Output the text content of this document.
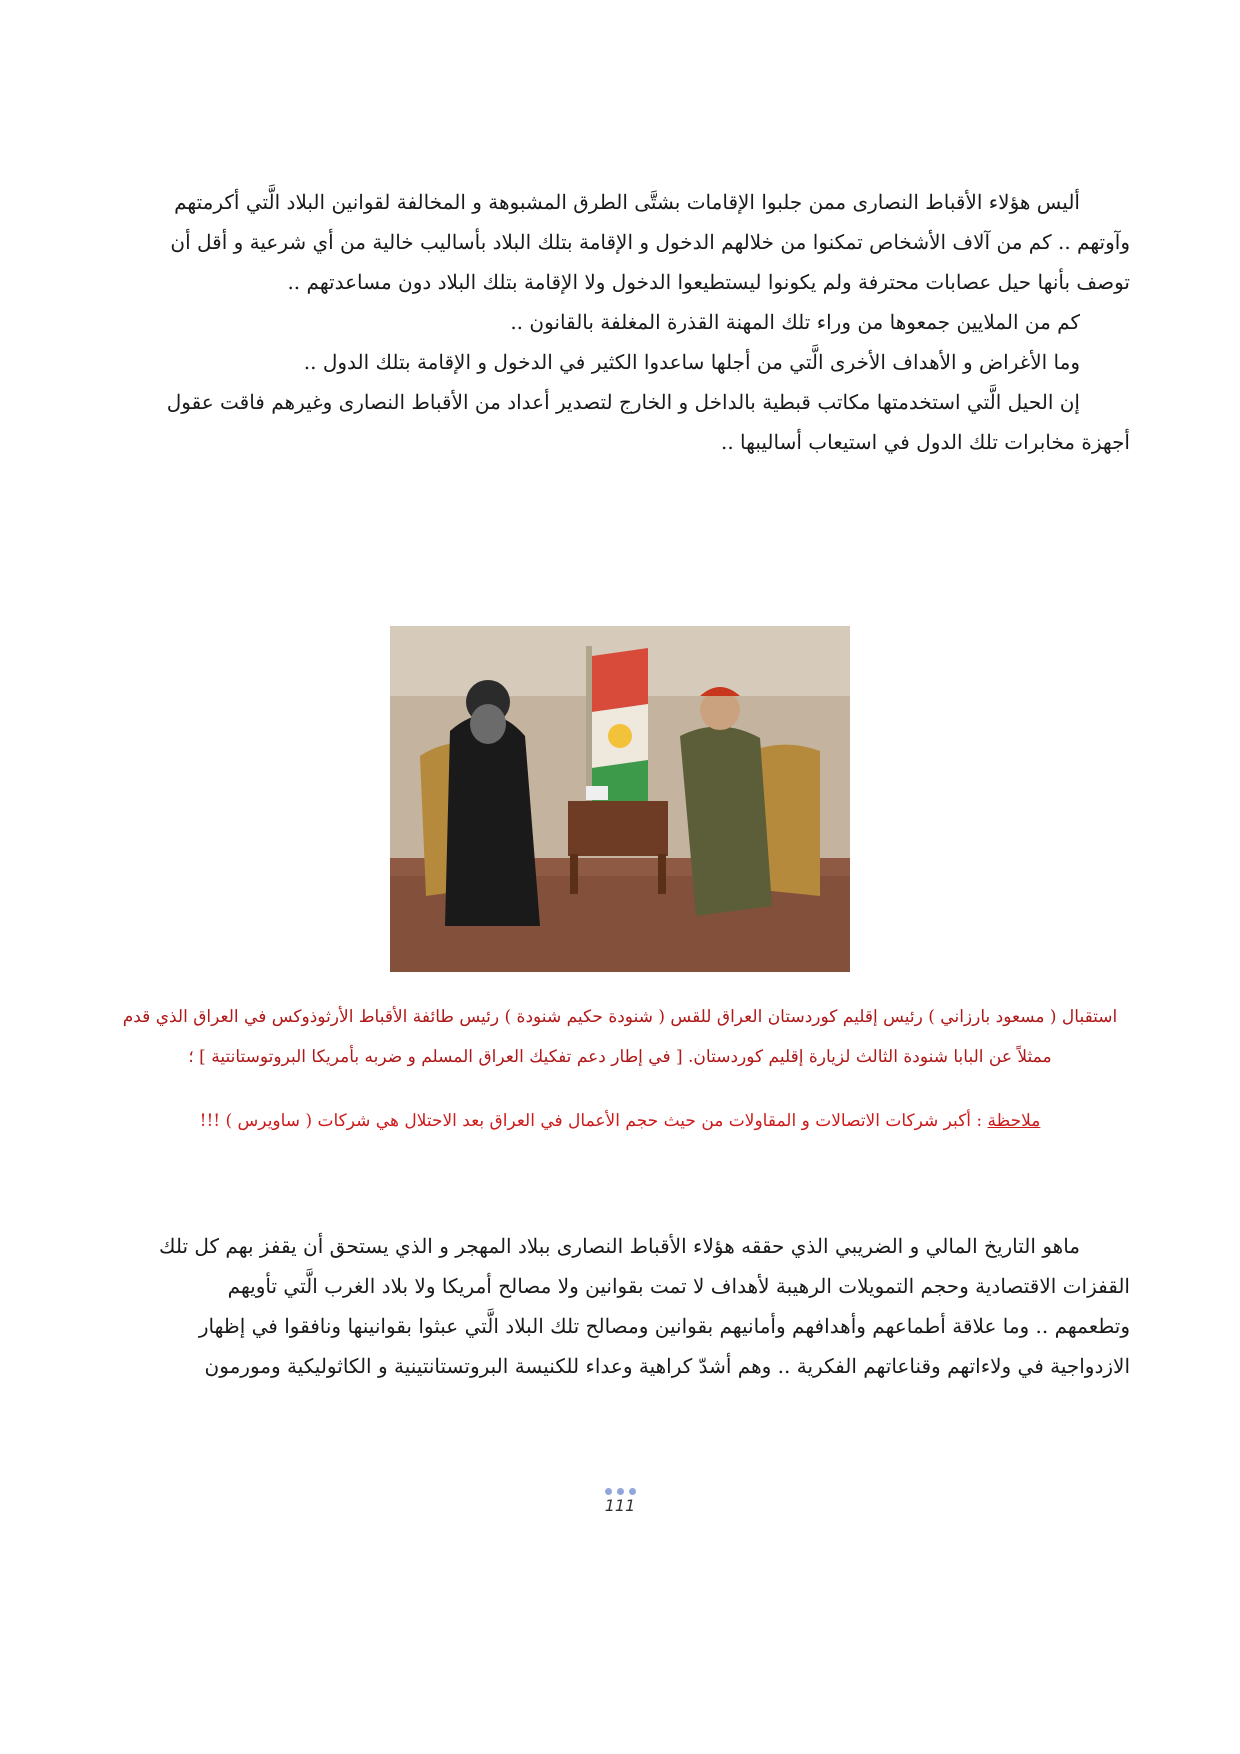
أليس هؤلاء الأقباط النصارى ممن جلبوا الإقامات بشتَّى الطرق المشبوهة و المخالفة لقوانين البلاد الَّتي أكرمتهم
وآوتهم .. كم من آلاف الأشخاص تمكنوا من خلالهم الدخول و الإقامة بتلك البلاد بأساليب خالية من أي شرعية و أقل أن
توصف بأنها حيل عصابات محترفة ولم يكونوا ليستطيعوا الدخول ولا الإقامة بتلك البلاد دون مساعدتهم ..
كم من الملايين جمعوها من وراء تلك المهنة القذرة المغلفة بالقانون ..
وما الأغراض و الأهداف الأخرى الَّتي من أجلها ساعدوا الكثير في الدخول و الإقامة بتلك الدول ..
إن الحيل الَّتي استخدمتها مكاتب قبطية بالداخل و الخارج لتصدير أعداد من الأقباط النصارى وغيرهم فاقت عقول
أجهزة مخابرات تلك الدول في استيعاب أساليبها ..
استقبال ( مسعود بارزاني ) رئيس إقليم كوردستان العراق للقس ( شنودة حكيم شنودة ) رئيس طائفة الأقباط الأرثوذوكس في العراق الذي قدم
ممثلاً عن البابا شنودة الثالث لزيارة إقليم كوردستان. [ في إطار دعم تفكيك العراق المسلم و ضربه بأمريكا البروتوستانتية ] ؛
ملاحظة : أكبر شركات الاتصالات و المقاولات من حيث حجم الأعمال في العراق بعد الاحتلال هي شركات ( ساويرس ) !!!
ماهو التاريخ المالي و الضريبي الذي حققه هؤلاء الأقباط النصارى ببلاد المهجر و الذي يستحق أن يقفز بهم كل تلك
القفزات الاقتصادية وحجم التمويلات الرهيبة لأهداف لا تمت بقوانين ولا مصالح أمريكا ولا بلاد الغرب الَّتي تأويهم
وتطعمهم .. وما علاقة أطماعهم وأهدافهم وأمانيهم بقوانين ومصالح تلك البلاد الَّتي عبثوا بقوانينها ونافقوا في إظهار
الازدواجية في ولاءاتهم وقناعاتهم الفكرية .. وهم أشدّ كراهية وعداء للكنيسة البروتستانتينية و الكاثوليكية ومورمون
111
